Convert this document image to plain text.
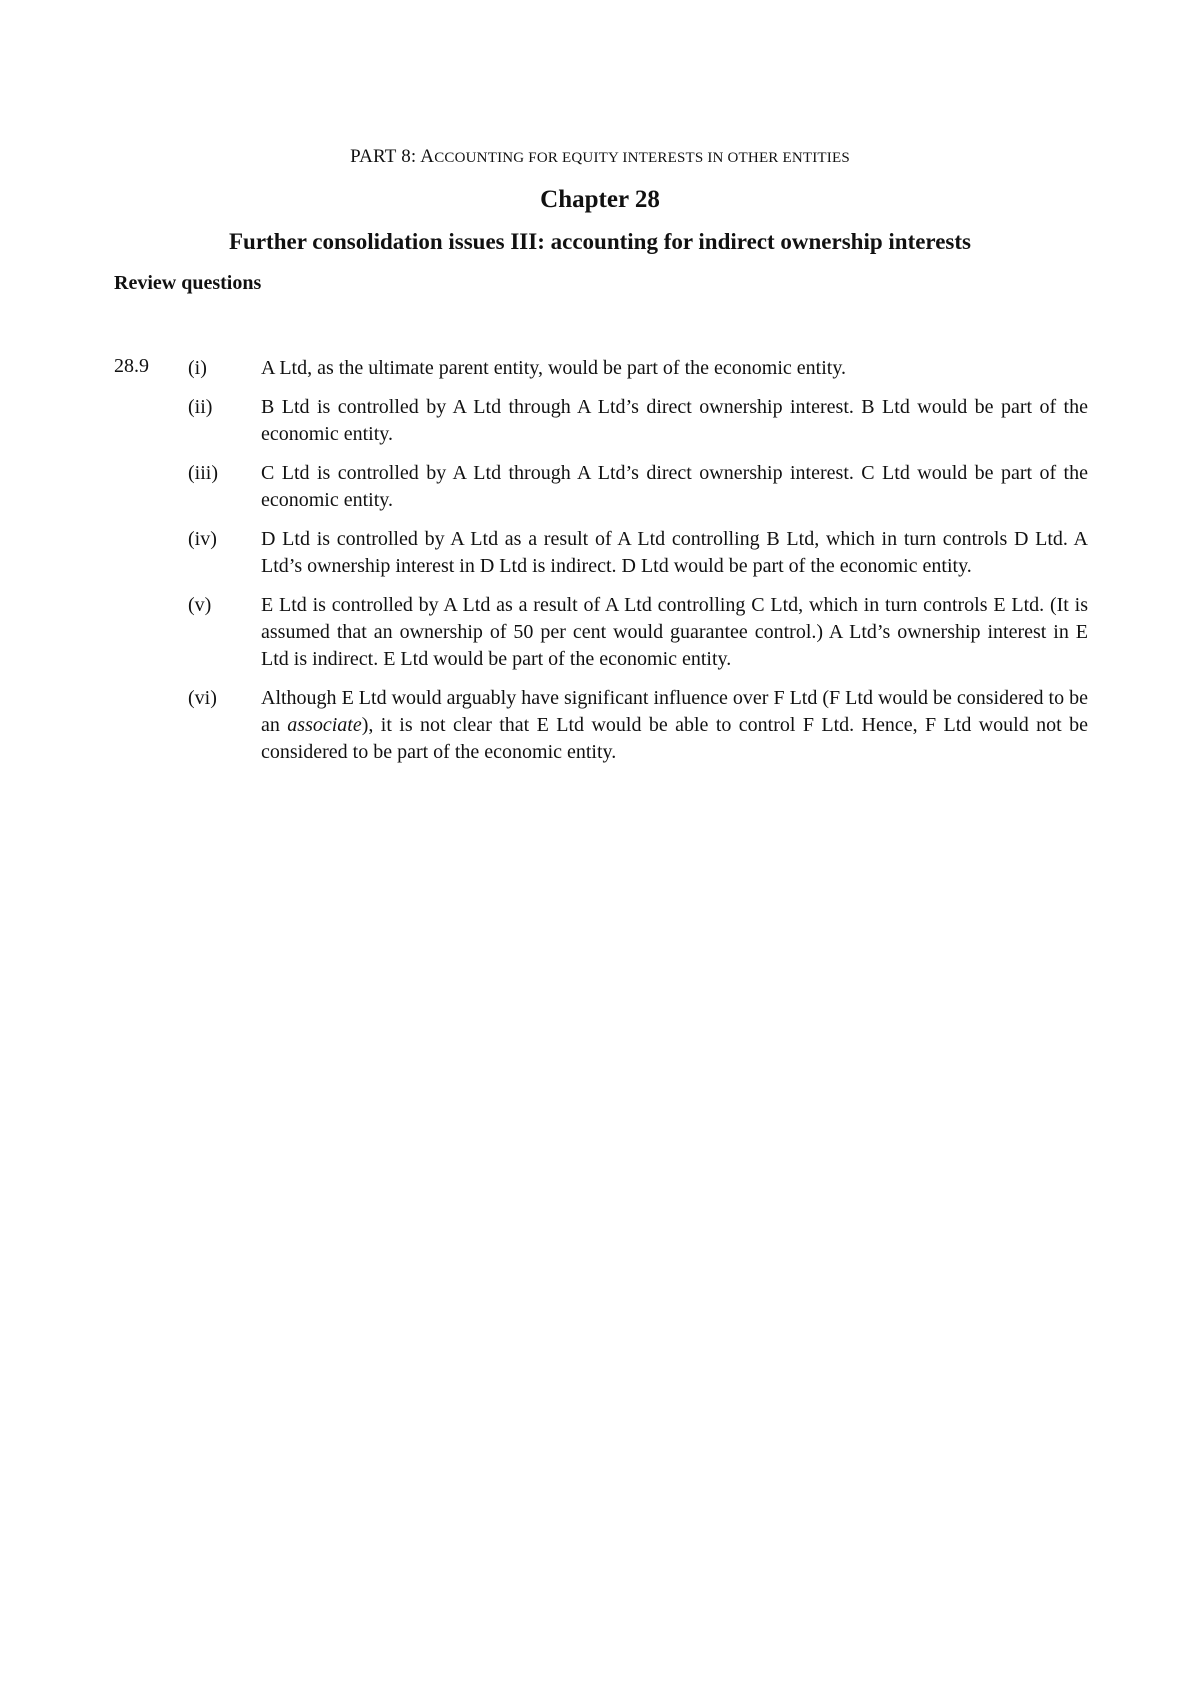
PART 8: ACCOUNTING FOR EQUITY INTERESTS IN OTHER ENTITIES
Chapter 28
Further consolidation issues III: accounting for indirect ownership interests
Review questions
28.9 (i)	A Ltd, as the ultimate parent entity, would be part of the economic entity.
(ii) B Ltd is controlled by A Ltd through A Ltd’s direct ownership interest. B Ltd would be part of the economic entity.
(iii) C Ltd is controlled by A Ltd through A Ltd’s direct ownership interest. C Ltd would be part of the economic entity.
(iv) D Ltd is controlled by A Ltd as a result of A Ltd controlling B Ltd, which in turn controls D Ltd. A Ltd’s ownership interest in D Ltd is indirect. D Ltd would be part of the economic entity.
(v) E Ltd is controlled by A Ltd as a result of A Ltd controlling C Ltd, which in turn controls E Ltd. (It is assumed that an ownership of 50 per cent would guarantee control.) A Ltd’s ownership interest in E Ltd is indirect. E Ltd would be part of the economic entity.
(vi) Although E Ltd would arguably have significant influence over F Ltd (F Ltd would be considered to be an associate), it is not clear that E Ltd would be able to control F Ltd. Hence, F Ltd would not be considered to be part of the economic entity.
